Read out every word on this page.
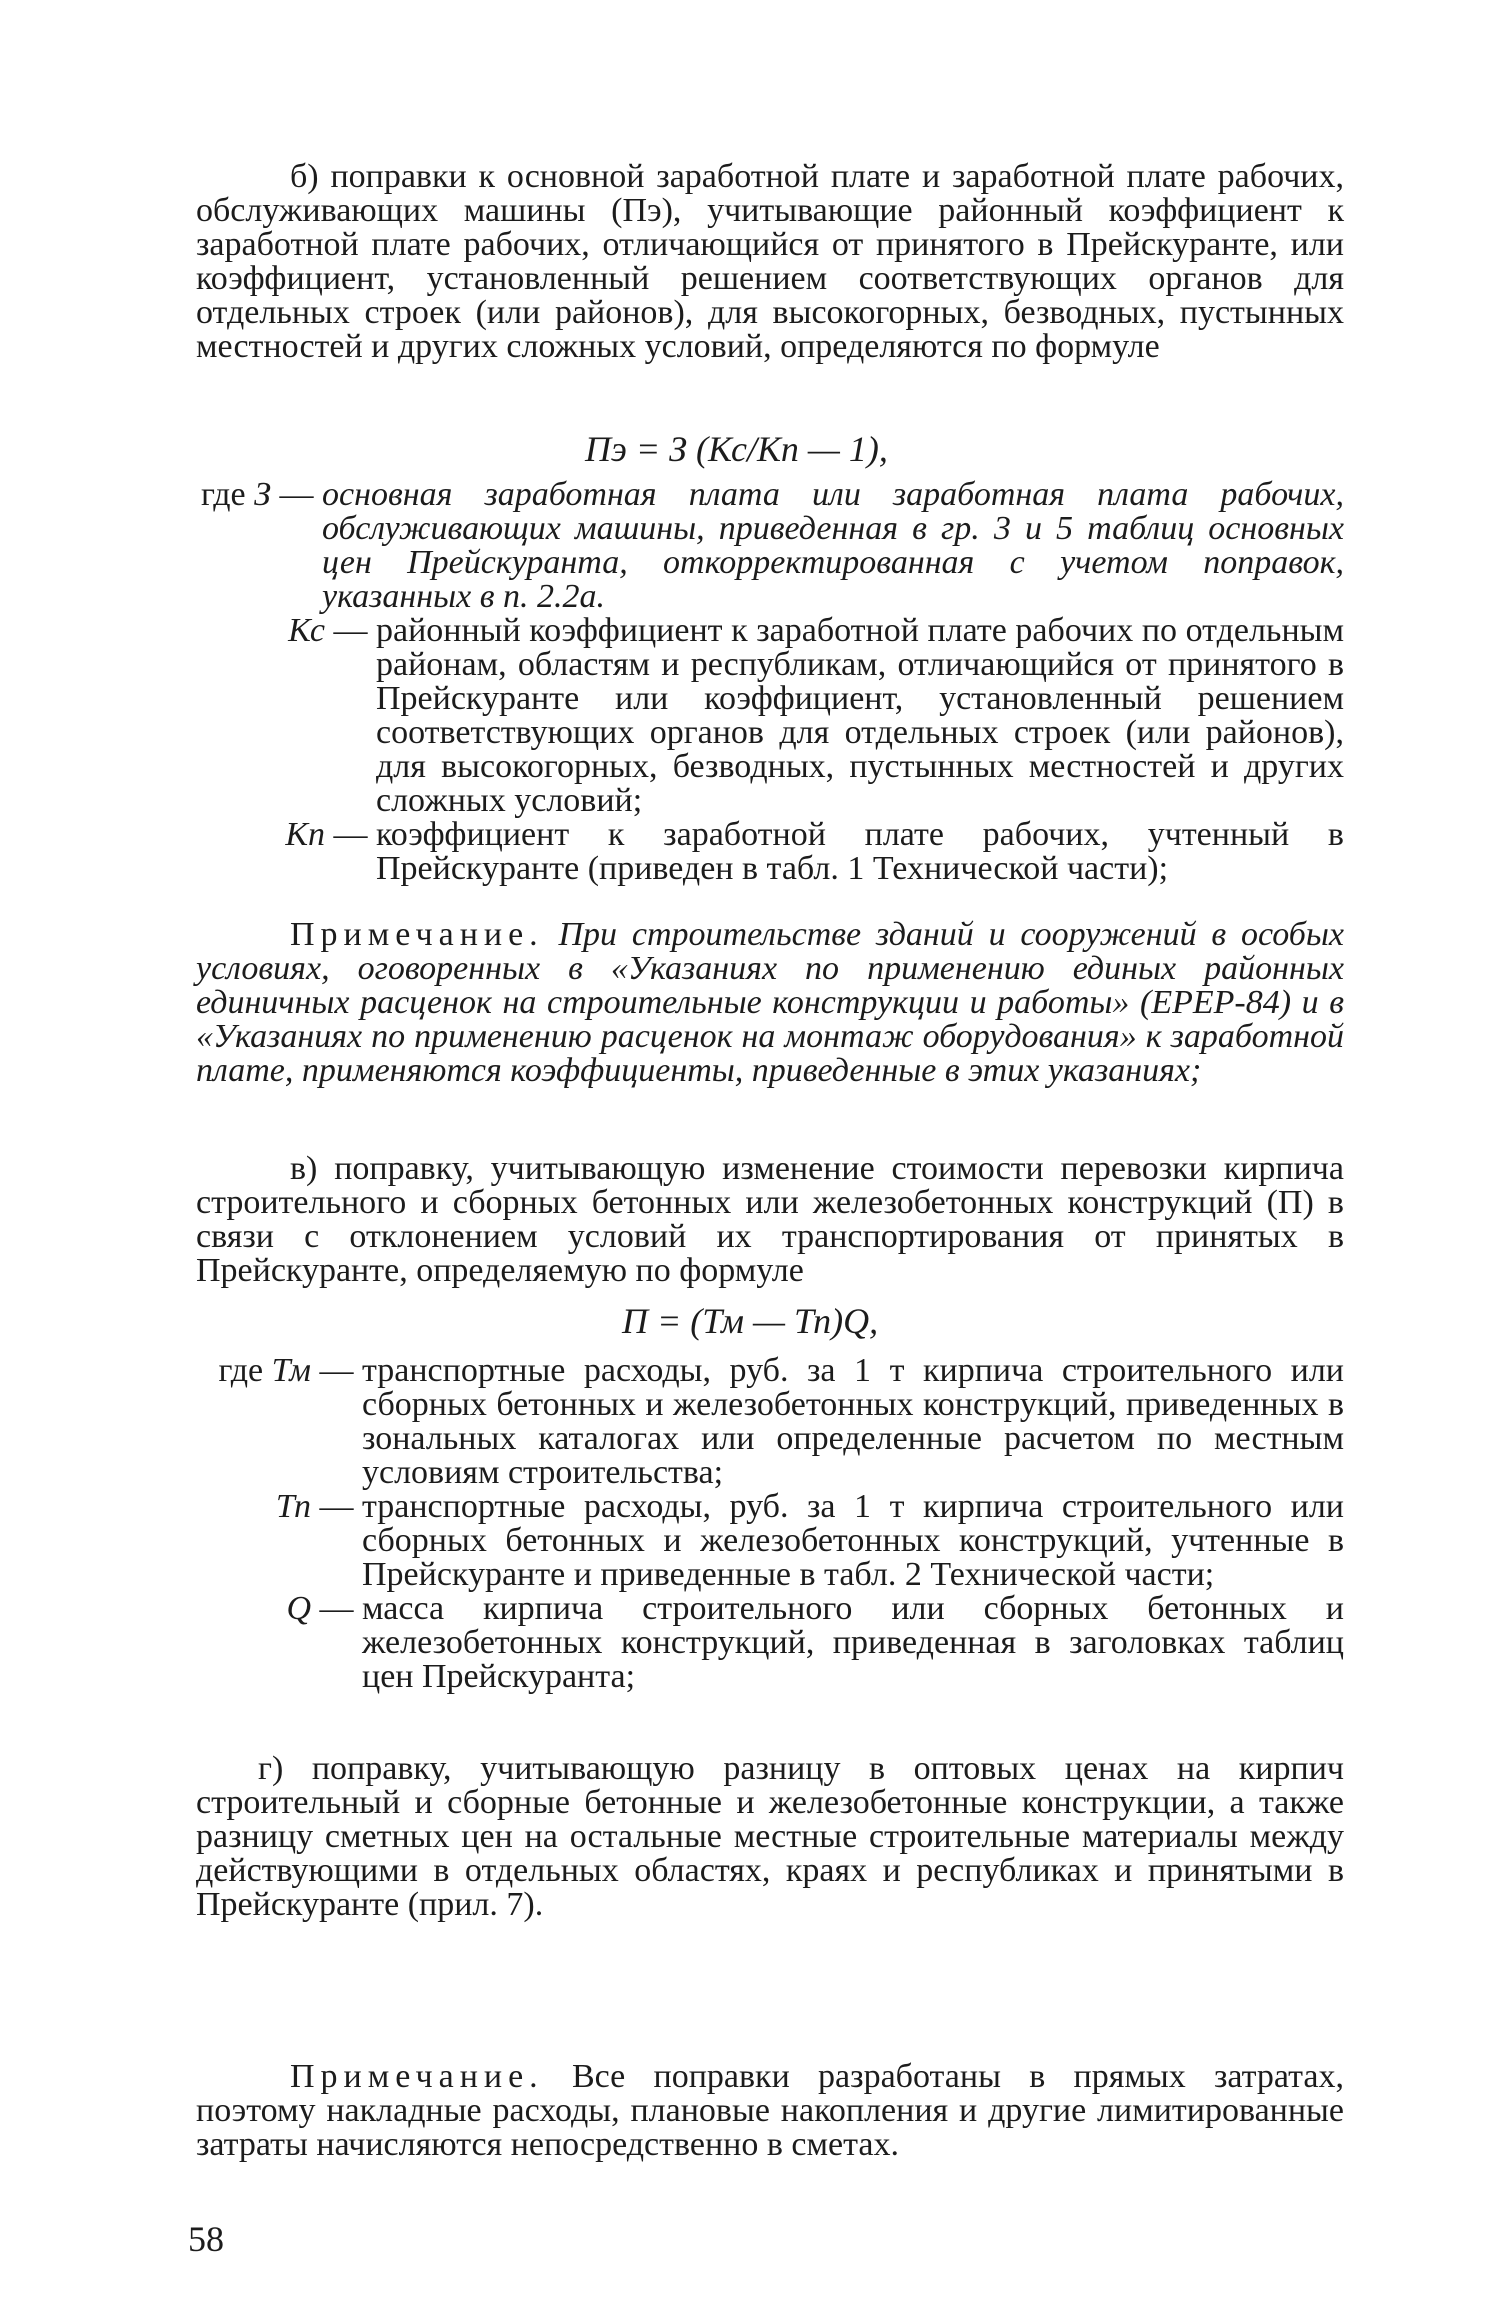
б) поправки к основной заработной плате и заработной плате рабочих, обслуживающих машины (Пэ), учитывающие районный коэффициент к заработной плате рабочих, отличающийся от принятого в Прейскуранте, или коэффициент, установленный решением соответствующих органов для отдельных строек (или районов), для высокогорных, безводных, пустынных местностей и других сложных условий, определяются по формуле

Пэ = З (Кс/Кп — 1),
где З — основная заработная плата или заработная плата рабочих, обслуживающих машины, приведенная в гр. 3 и 5 таблиц основных цен Прейскуранта, откорректированная с учетом поправок, указанных в п. 2.2а.
Кс — районный коэффициент к заработной плате рабочих по отдельным районам, областям и республикам, отличающийся от принятого в Прейскуранте или коэффициент, установленный решением соответствующих органов для отдельных строек (или районов), для высокогорных, безводных, пустынных местностей и других сложных условий;
Кп — коэффициент к заработной плате рабочих, учтенный в Прейскуранте (приведен в табл. 1 Технической части);

Примечание. При строительстве зданий и сооружений в особых условиях, оговоренных в «Указаниях по применению единых районных единичных расценок на строительные конструкции и работы» (ЕРЕР-84) и в «Указаниях по применению расценок на монтаж оборудования» к заработной плате, применяются коэффициенты, приведенные в этих указаниях;

в) поправку, учитывающую изменение стоимости перевозки кирпича строительного и сборных бетонных или железобетонных конструкций (П) в связи с отклонением условий их транспортирования от принятых в Прейскуранте, определяемую по формуле

П = (Тм — Тп)Q,
где Тм — транспортные расходы, руб. за 1 т кирпича строительного или сборных бетонных и железобетонных конструкций, приведенных в зональных каталогах или определенные расчетом по местным условиям строительства;
Тп — транспортные расходы, руб. за 1 т кирпича строительного или сборных бетонных и железобетонных конструкций, учтенные в Прейскуранте и приведенные в табл. 2 Технической части;
Q — масса кирпича строительного или сборных бетонных и железобетонных конструкций, приведенная в заголовках таблиц цен Прейскуранта;

г) поправку, учитывающую разницу в оптовых ценах на кирпич строительный и сборные бетонные и железобетонные конструкции, а также разницу сметных цен на остальные местные строительные материалы между действующими в отдельных областях, краях и республиках и принятыми в Прейскуранте (прил. 7).

Примечание. Все поправки разработаны в прямых затратах, поэтому накладные расходы, плановые накопления и другие лимитированные затраты начисляются непосредственно в сметах.

58
